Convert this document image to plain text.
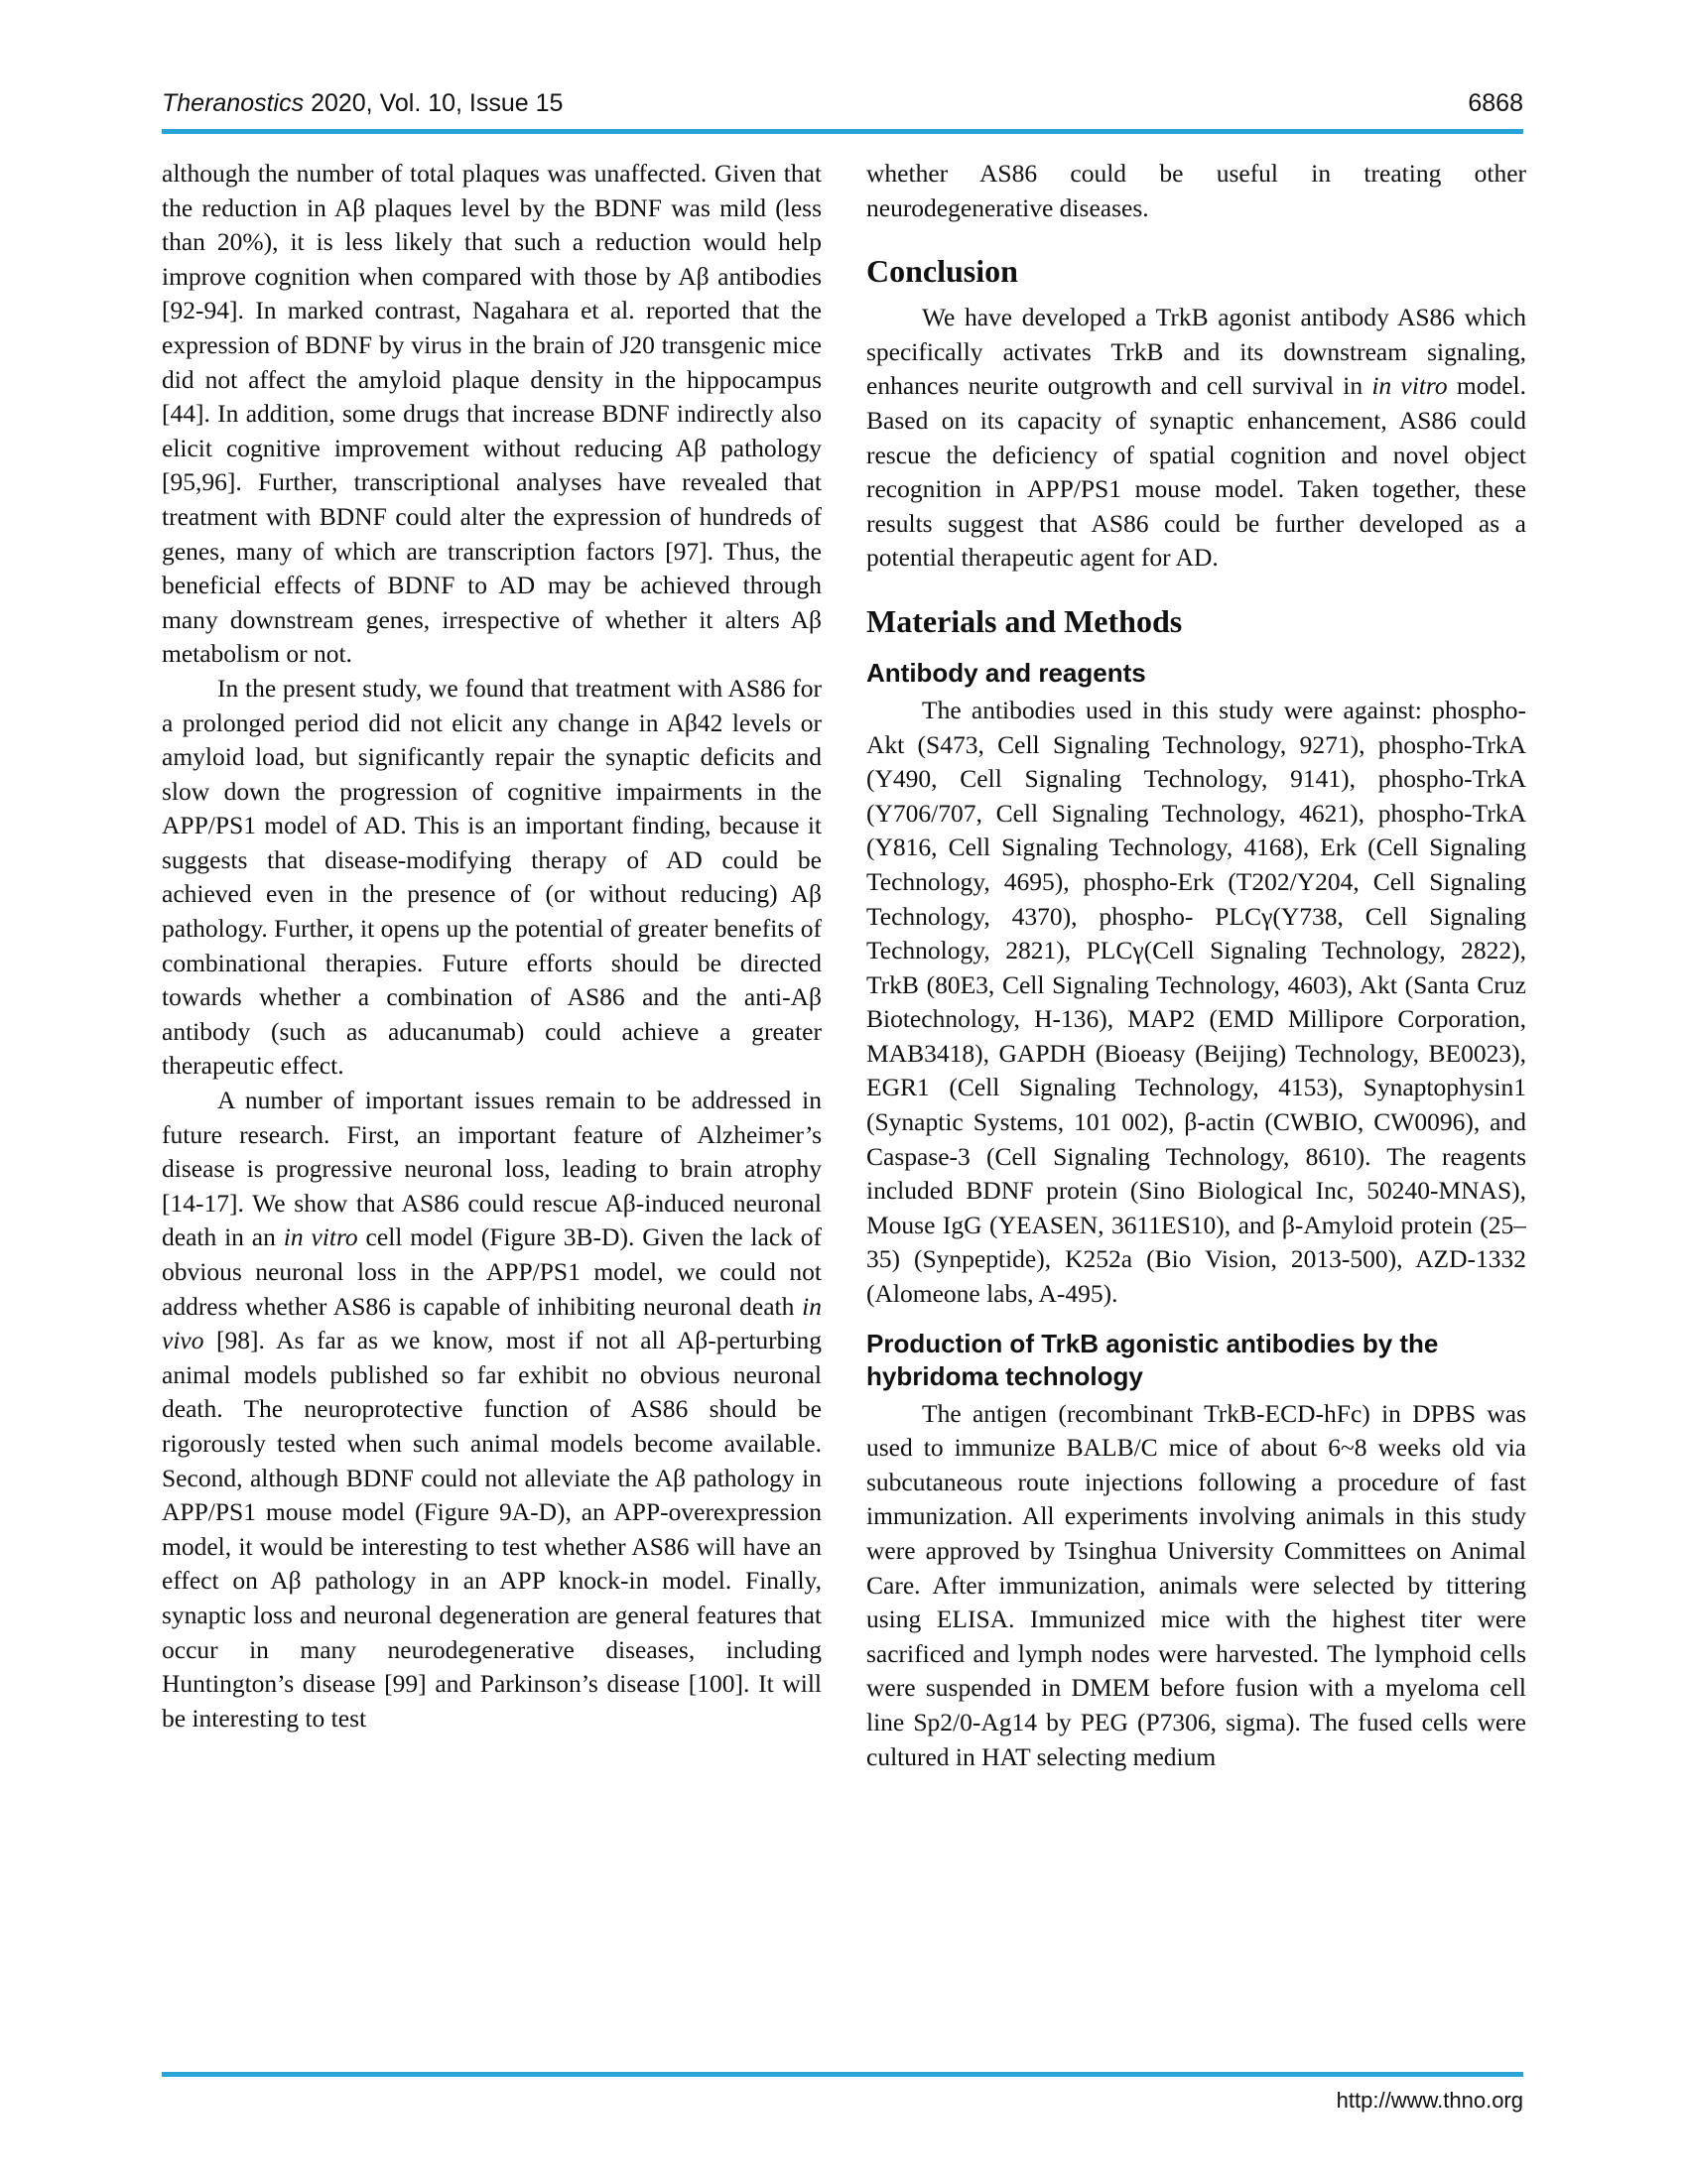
Theranostics 2020, Vol. 10, Issue 15	6868

although the number of total plaques was unaffected. Given that the reduction in Aβ plaques level by the BDNF was mild (less than 20%), it is less likely that such a reduction would help improve cognition when compared with those by Aβ antibodies [92-94]. In marked contrast, Nagahara et al. reported that the expression of BDNF by virus in the brain of J20 transgenic mice did not affect the amyloid plaque density in the hippocampus [44]. In addition, some drugs that increase BDNF indirectly also elicit cognitive improvement without reducing Aβ pathology [95,96]. Further, transcriptional analyses have revealed that treatment with BDNF could alter the expression of hundreds of genes, many of which are transcription factors [97]. Thus, the beneficial effects of BDNF to AD may be achieved through many downstream genes, irrespective of whether it alters Aβ metabolism or not.

In the present study, we found that treatment with AS86 for a prolonged period did not elicit any change in Aβ42 levels or amyloid load, but significantly repair the synaptic deficits and slow down the progression of cognitive impairments in the APP/PS1 model of AD. This is an important finding, because it suggests that disease-modifying therapy of AD could be achieved even in the presence of (or without reducing) Aβ pathology. Further, it opens up the potential of greater benefits of combinational therapies. Future efforts should be directed towards whether a combination of AS86 and the anti-Aβ antibody (such as aducanumab) could achieve a greater therapeutic effect.

A number of important issues remain to be addressed in future research. First, an important feature of Alzheimer’s disease is progressive neuronal loss, leading to brain atrophy [14-17]. We show that AS86 could rescue Aβ-induced neuronal death in an in vitro cell model (Figure 3B-D). Given the lack of obvious neuronal loss in the APP/PS1 model, we could not address whether AS86 is capable of inhibiting neuronal death in vivo [98]. As far as we know, most if not all Aβ-perturbing animal models published so far exhibit no obvious neuronal death. The neuroprotective function of AS86 should be rigorously tested when such animal models become available. Second, although BDNF could not alleviate the Aβ pathology in APP/PS1 mouse model (Figure 9A-D), an APP-overexpression model, it would be interesting to test whether AS86 will have an effect on Aβ pathology in an APP knock-in model. Finally, synaptic loss and neuronal degeneration are general features that occur in many neurodegenerative diseases, including Huntington’s disease [99] and Parkinson’s disease [100]. It will be interesting to test

whether AS86 could be useful in treating other neurodegenerative diseases.

Conclusion

We have developed a TrkB agonist antibody AS86 which specifically activates TrkB and its downstream signaling, enhances neurite outgrowth and cell survival in in vitro model. Based on its capacity of synaptic enhancement, AS86 could rescue the deficiency of spatial cognition and novel object recognition in APP/PS1 mouse model. Taken together, these results suggest that AS86 could be further developed as a potential therapeutic agent for AD.

Materials and Methods
Antibody and reagents

The antibodies used in this study were against: phospho-Akt (S473, Cell Signaling Technology, 9271), phospho-TrkA (Y490, Cell Signaling Technology, 9141), phospho-TrkA (Y706/707, Cell Signaling Technology, 4621), phospho-TrkA (Y816, Cell Signaling Technology, 4168), Erk (Cell Signaling Technology, 4695), phospho-Erk (T202/Y204, Cell Signaling Technology, 4370), phospho- PLCγ(Y738, Cell Signaling Technology, 2821), PLCγ(Cell Signaling Technology, 2822), TrkB (80E3, Cell Signaling Technology, 4603), Akt (Santa Cruz Biotechnology, H-136), MAP2 (EMD Millipore Corporation, MAB3418), GAPDH (Bioeasy (Beijing) Technology, BE0023), EGR1 (Cell Signaling Technology, 4153), Synaptophysin1 (Synaptic Systems, 101 002), β-actin (CWBIO, CW0096), and Caspase-3 (Cell Signaling Technology, 8610). The reagents included BDNF protein (Sino Biological Inc, 50240-MNAS), Mouse IgG (YEASEN, 3611ES10), and β-Amyloid protein (25–35) (Synpeptide), K252a (Bio Vision, 2013-500), AZD-1332 (Alomeone labs, A-495).

Production of TrkB agonistic antibodies by the hybridoma technology

The antigen (recombinant TrkB-ECD-hFc) in DPBS was used to immunize BALB/C mice of about 6~8 weeks old via subcutaneous route injections following a procedure of fast immunization. All experiments involving animals in this study were approved by Tsinghua University Committees on Animal Care. After immunization, animals were selected by tittering using ELISA. Immunized mice with the highest titer were sacrificed and lymph nodes were harvested. The lymphoid cells were suspended in DMEM before fusion with a myeloma cell line Sp2/0-Ag14 by PEG (P7306, sigma). The fused cells were cultured in HAT selecting medium

http://www.thno.org
